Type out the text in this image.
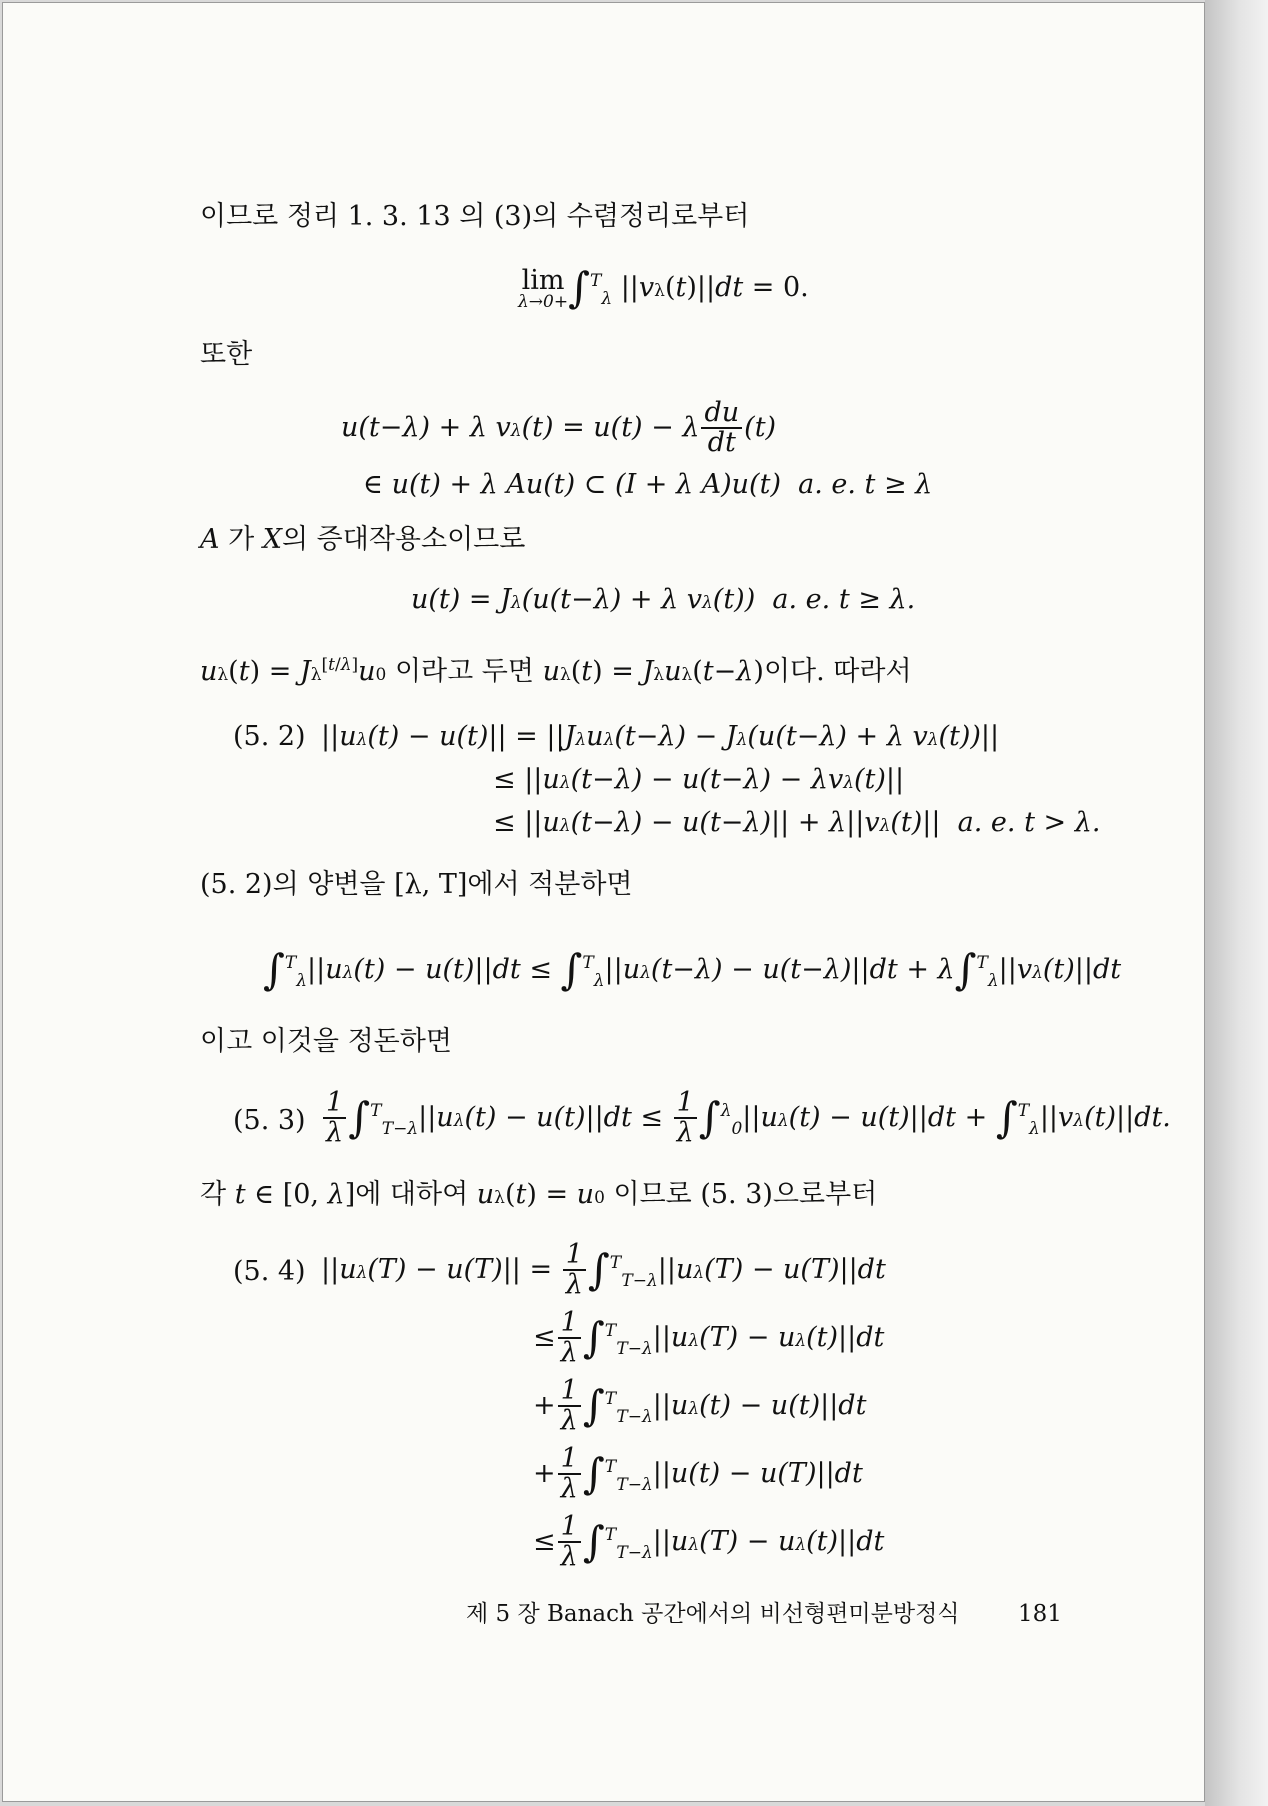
이므로 정리 1. 3. 13 의 (3)의 수렴정리로부터
lim
λ→0+ ∫$^T_\lambda$ ||vλ(t)||dt = 0.
또한
u(t−λ) + λ vλ(t) = u(t) − λ $\frac{du}{dt} (t)$
∈ u(t) + λ Au(t) ⊂ (I + λ A)u(t)  a. e. t ≥ λ
A 가 X의 증대작용소이므로
u(t) = Jλ(u(t−λ) + λ vλ(t))  a. e. t ≥ λ.
uλ(t) = Jλ[t/λ]u0 이라고 두면 uλ(t) = Jλuλ(t−λ)이다. 따라서
(5. 2) ||uλ(t) − u(t)|| = ||Jλuλ(t−λ) − Jλ(u(t−λ) + λ vλ(t))||
≤ ||uλ(t−λ) − u(t−λ) − λvλ(t)||
≤ ||uλ(t−λ) − u(t−λ)|| + λ||vλ(t)||  a. e. t > λ.
(5. 2)의 양변을 [λ, T]에서 적분하면
∫$^T_\lambda$||uλ(t) − u(t)||dt ≤ ∫$^T_\lambda$||uλ(t−λ) − u(t−λ)||dt + λ∫$^T_\lambda$||vλ(t)||dt
이고 이것을 정돈하면
(5. $3) \frac{1}{\lambda} \int^T_{T-\lambda}||u\lambda(t) - u(t)||dt \le \frac{1}{\lambda} \int^\lambda_0||u\lambda(t) - u(t)||dt + \int^T_\lambda||v\lambda(t)||dt$.
각 t ∈ [0, λ]에 대하여 uλ(t) = u0 이므로 (5. 3)으로부터
(5. 4) $||u\lambda(T) - u(T)|| = \frac{1}{\lambda} \int^T_{T-\lambda}||u\lambda(T) - u(T)||dt$
≤ $\frac{1}{\lambda} \int^T_{T-\lambda}||u\lambda(T) - u\lambda(t)||dt$
+ $\frac{1}{\lambda} \int^T_{T-\lambda}||u\lambda(t) - u(t)||dt$
+ $\frac{1}{\lambda} \int^T_{T-\lambda}||u(t) - u(T)||dt$
≤ $\frac{1}{\lambda} \int^T_{T-\lambda}||u\lambda(T) - u\lambda(t)||dt$
제 5 장 Banach 공간에서의 비선형편미분방정식	181
